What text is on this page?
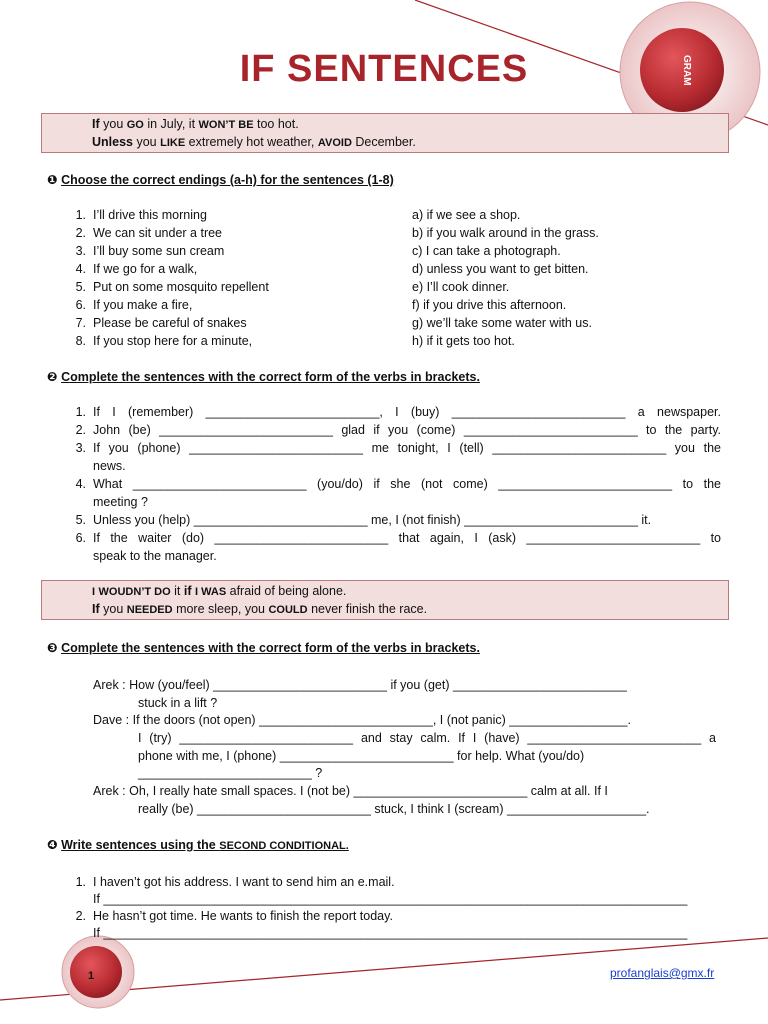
GRAM
IF SENTENCES
If you GO in July, it WON’T BE too hot.
Unless you LIKE extremely hot weather, AVOID December.
❶ Choose the correct endings (a-h) for the sentences (1-8)
1. I’ll drive this morning	a) if we see a shop.
2. We can sit under a tree	b) if you walk around in the grass.
3. I’ll buy some sun cream	c) I can take a photograph.
4. If we go for a walk,	d) unless you want to get bitten.
5. Put on some mosquito repellent	e) I’ll cook dinner.
6. If you make a fire,	f) if you drive this afternoon.
7. Please be careful of snakes	g) we’ll take some water with us.
8. If you stop here for a minute,	h) if it gets too hot.
❷ Complete the sentences with the correct form of the verbs in brackets.
1. If I (remember) _________________________, I (buy) _________________________ a newspaper.
2. John (be) _________________________ glad if you (come) _________________________ to the party.
3. If you (phone) _________________________ me tonight, I (tell) _________________________ you the
news.
4. What _________________________ (you/do) if she (not come) _________________________ to the
meeting ?
5. Unless you (help) _________________________ me, I (not finish) _________________________ it.
6. If the waiter (do) _________________________ that again, I (ask) _________________________ to
speak to the manager.
I WOUDN’T DO it if I WAS afraid of being alone.
If you NEEDED more sleep, you COULD never finish the race.
❸ Complete the sentences with the correct form of the verbs in brackets.
Arek : How (you/feel) _________________________ if you (get) _________________________
stuck in a lift ?
Dave : If the doors (not open) _________________________, I (not panic) _________________.
I (try) _________________________ and stay calm. If I (have) _________________________ a
phone with me, I (phone) _________________________ for help. What (you/do)
_________________________ ?
Arek : Oh, I really hate small spaces. I (not be) _________________________ calm at all. If I
really (be) _________________________ stuck, I think I (scream) ____________________.
❹ Write sentences using the SECOND CONDITIONAL.
1. I haven’t got his address. I want to send him an e.mail.
If ____________________________________________________________________________________
2. He hasn’t got time. He wants to finish the report today.
If ____________________________________________________________________________________
1	profanglais@gmx.fr
